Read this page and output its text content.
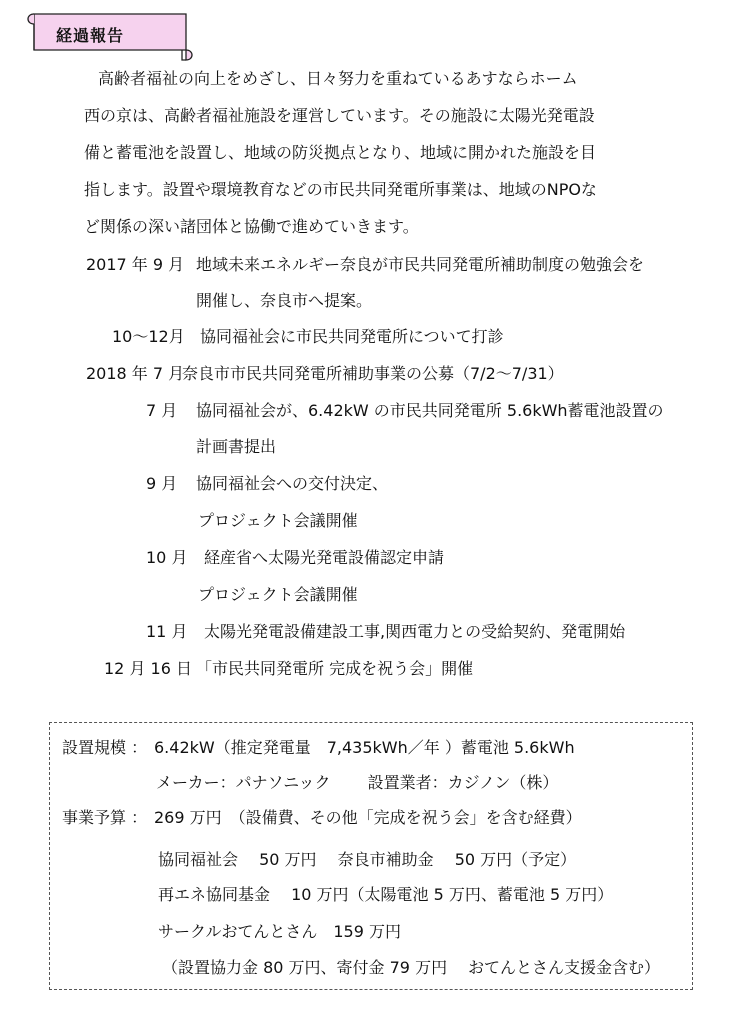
経過報告
高齢者福祉の向上をめざし、日々努力を重ねているあすならホーム
西の京は、高齢者福祉施設を運営しています。その施設に太陽光発電設
備と蓄電池を設置し、地域の防災拠点となり、地域に開かれた施設を目
指します。設置や環境教育などの市民共同発電所事業は、地域のNPOな
ど関係の深い諸団体と協働で進めていきます。
2017 年 9 月 地域未来エネルギー奈良が市民共同発電所補助制度の勉強会を
開催し、奈良市へ提案。
10～12月 協同福祉会に市民共同発電所について打診
2018 年 7 月
奈良市市民共同発電所補助事業の公募（7/2～7/31）
7 月 協同福祉会が、6.42kW の市民共同発電所 5.6kWh蓄電池設置の
計画書提出
9 月 協同福祉会への交付決定、
プロジェクト会議開催
10 月 経産省へ太陽光発電設備認定申請
プロジェクト会議開催
11 月 太陽光発電設備建設工事,関西電力との受給契約、発電開始
12 月 16 日 「市民共同発電所 完成を祝う会」開催
設置規模 ： 6.42kW（推定発電量　7,435kWh／年 ）蓄電池 5.6kWh
メーカー：パナソニック　　 設置業者：カジノン（株）
事業予算 ： 269 万円　（設備費、その他「完成を祝う会」を含む経費）
協同福祉会　 50 万円　 奈良市補助金　 50 万円（予定）
再エネ協同基金　 10 万円（太陽電池 5 万円、蓄電池 5 万円）
サークルおてんとさん　159 万円
（設置協力金 80 万円、寄付金 79 万円　 おてんとさん支援金含む）
